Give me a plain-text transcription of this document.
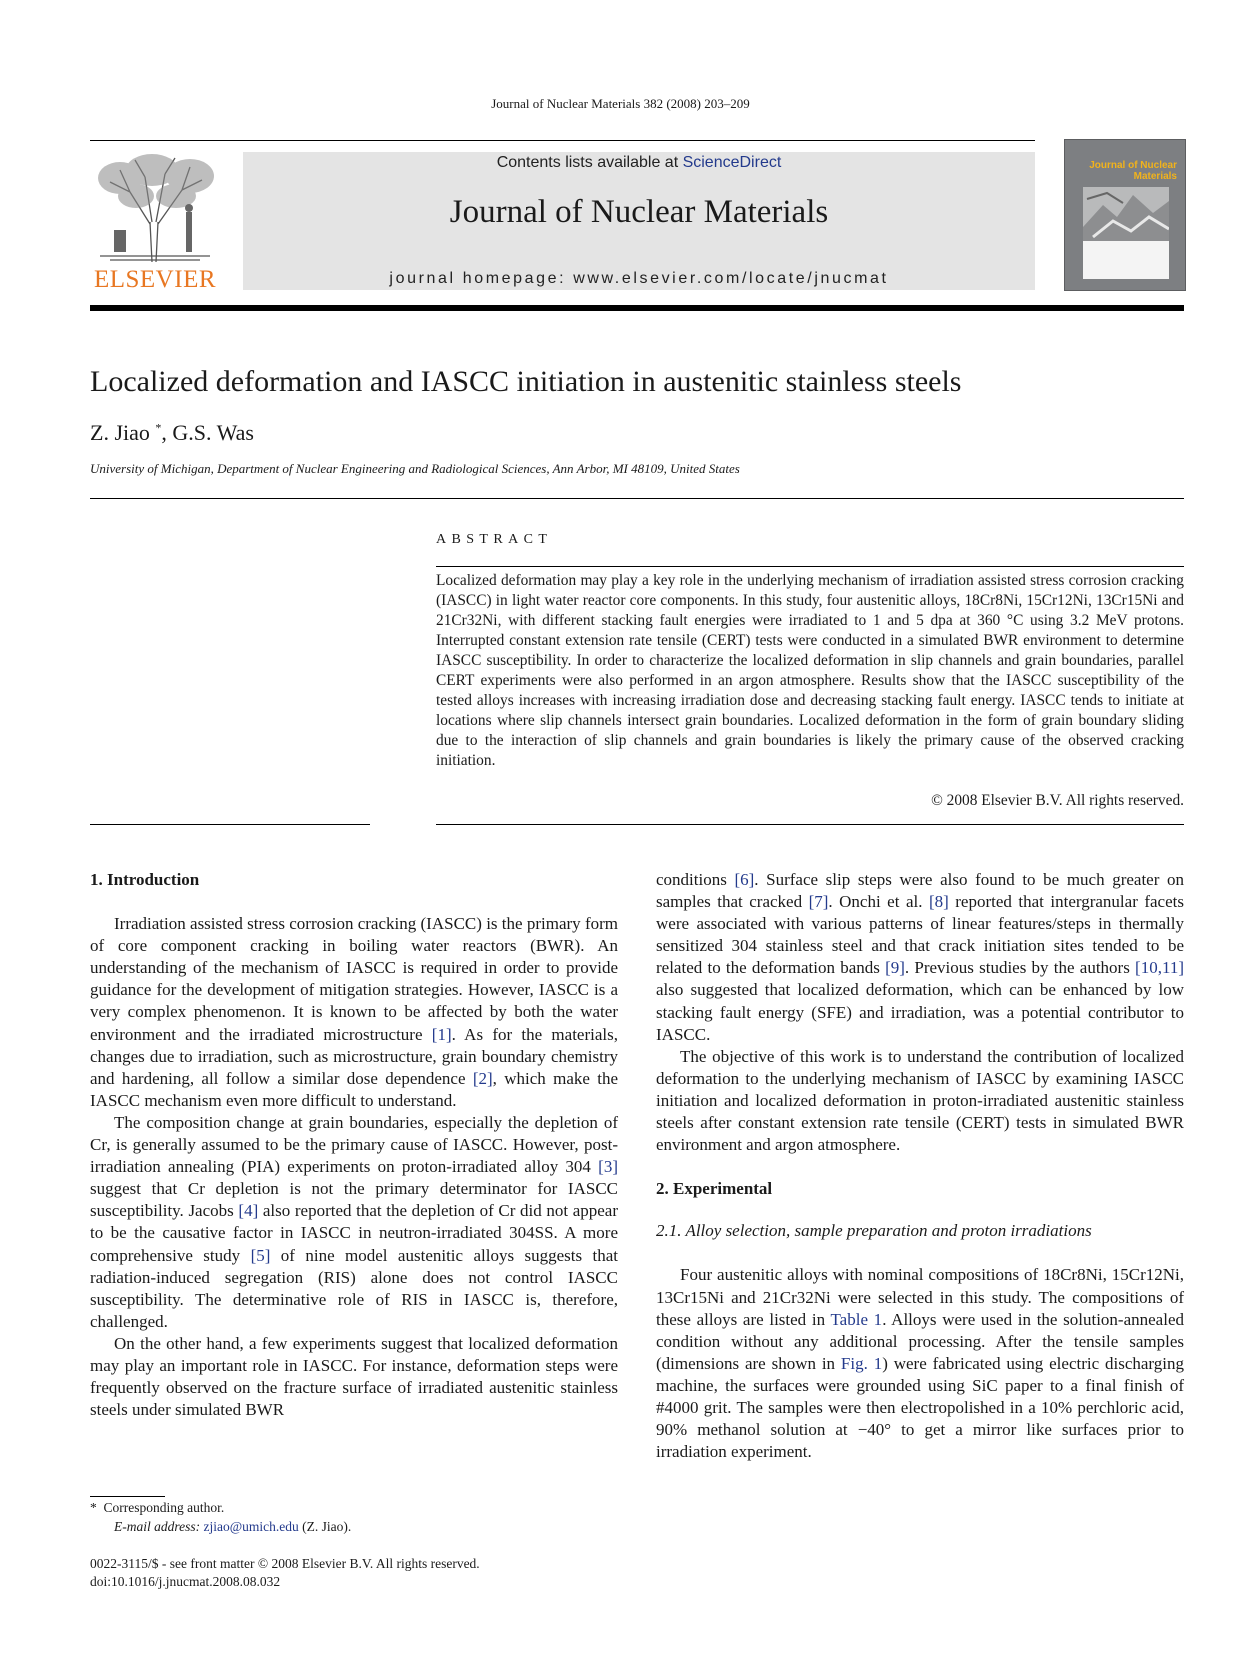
Journal of Nuclear Materials 382 (2008) 203–209
ELSEVIER
Contents lists available at ScienceDirect
Journal of Nuclear Materials
journal homepage: www.elsevier.com/locate/jnucmat
Journal of Nuclear Materials
Localized deformation and IASCC initiation in austenitic stainless steels
Z. Jiao *, G.S. Was
University of Michigan, Department of Nuclear Engineering and Radiological Sciences, Ann Arbor, MI 48109, United States
ABSTRACT
Localized deformation may play a key role in the underlying mechanism of irradiation assisted stress corrosion cracking (IASCC) in light water reactor core components. In this study, four austenitic alloys, 18Cr8Ni, 15Cr12Ni, 13Cr15Ni and 21Cr32Ni, with different stacking fault energies were irradiated to 1 and 5 dpa at 360 °C using 3.2 MeV protons. Interrupted constant extension rate tensile (CERT) tests were conducted in a simulated BWR environment to determine IASCC susceptibility. In order to characterize the localized deformation in slip channels and grain boundaries, parallel CERT experiments were also performed in an argon atmosphere. Results show that the IASCC susceptibility of the tested alloys increases with increasing irradiation dose and decreasing stacking fault energy. IASCC tends to initiate at locations where slip channels intersect grain boundaries. Localized deformation in the form of grain boundary sliding due to the interaction of slip channels and grain boundaries is likely the primary cause of the observed cracking initiation.
© 2008 Elsevier B.V. All rights reserved.

1. Introduction

Irradiation assisted stress corrosion cracking (IASCC) is the primary form of core component cracking in boiling water reactors (BWR). An understanding of the mechanism of IASCC is required in order to provide guidance for the development of mitigation strategies. However, IASCC is a very complex phenomenon. It is known to be affected by both the water environment and the irradiated microstructure [1]. As for the materials, changes due to irradiation, such as microstructure, grain boundary chemistry and hardening, all follow a similar dose dependence [2], which make the IASCC mechanism even more difficult to understand.

The composition change at grain boundaries, especially the depletion of Cr, is generally assumed to be the primary cause of IASCC. However, post-irradiation annealing (PIA) experiments on proton-irradiated alloy 304 [3] suggest that Cr depletion is not the primary determinator for IASCC susceptibility. Jacobs [4] also reported that the depletion of Cr did not appear to be the causative factor in IASCC in neutron-irradiated 304SS. A more comprehensive study [5] of nine model austenitic alloys suggests that radiation-induced segregation (RIS) alone does not control IASCC susceptibility. The determinative role of RIS in IASCC is, therefore, challenged.

On the other hand, a few experiments suggest that localized deformation may play an important role in IASCC. For instance, deformation steps were frequently observed on the fracture surface of irradiated austenitic stainless steels under simulated BWR

conditions [6]. Surface slip steps were also found to be much greater on samples that cracked [7]. Onchi et al. [8] reported that intergranular facets were associated with various patterns of linear features/steps in thermally sensitized 304 stainless steel and that crack initiation sites tended to be related to the deformation bands [9]. Previous studies by the authors [10,11] also suggested that localized deformation, which can be enhanced by low stacking fault energy (SFE) and irradiation, was a potential contributor to IASCC.

The objective of this work is to understand the contribution of localized deformation to the underlying mechanism of IASCC by examining IASCC initiation and localized deformation in proton-irradiated austenitic stainless steels after constant extension rate tensile (CERT) tests in simulated BWR environment and argon atmosphere.

2. Experimental

2.1. Alloy selection, sample preparation and proton irradiations

Four austenitic alloys with nominal compositions of 18Cr8Ni, 15Cr12Ni, 13Cr15Ni and 21Cr32Ni were selected in this study. The compositions of these alloys are listed in Table 1. Alloys were used in the solution-annealed condition without any additional processing. After the tensile samples (dimensions are shown in Fig. 1) were fabricated using electric discharging machine, the surfaces were grounded using SiC paper to a final finish of #4000 grit. The samples were then electropolished in a 10% perchloric acid, 90% methanol solution at −40° to get a mirror like surfaces prior to irradiation experiment.

* Corresponding author.
E-mail address: zjiao@umich.edu (Z. Jiao).
0022-3115/$ - see front matter © 2008 Elsevier B.V. All rights reserved.
doi:10.1016/j.jnucmat.2008.08.032
